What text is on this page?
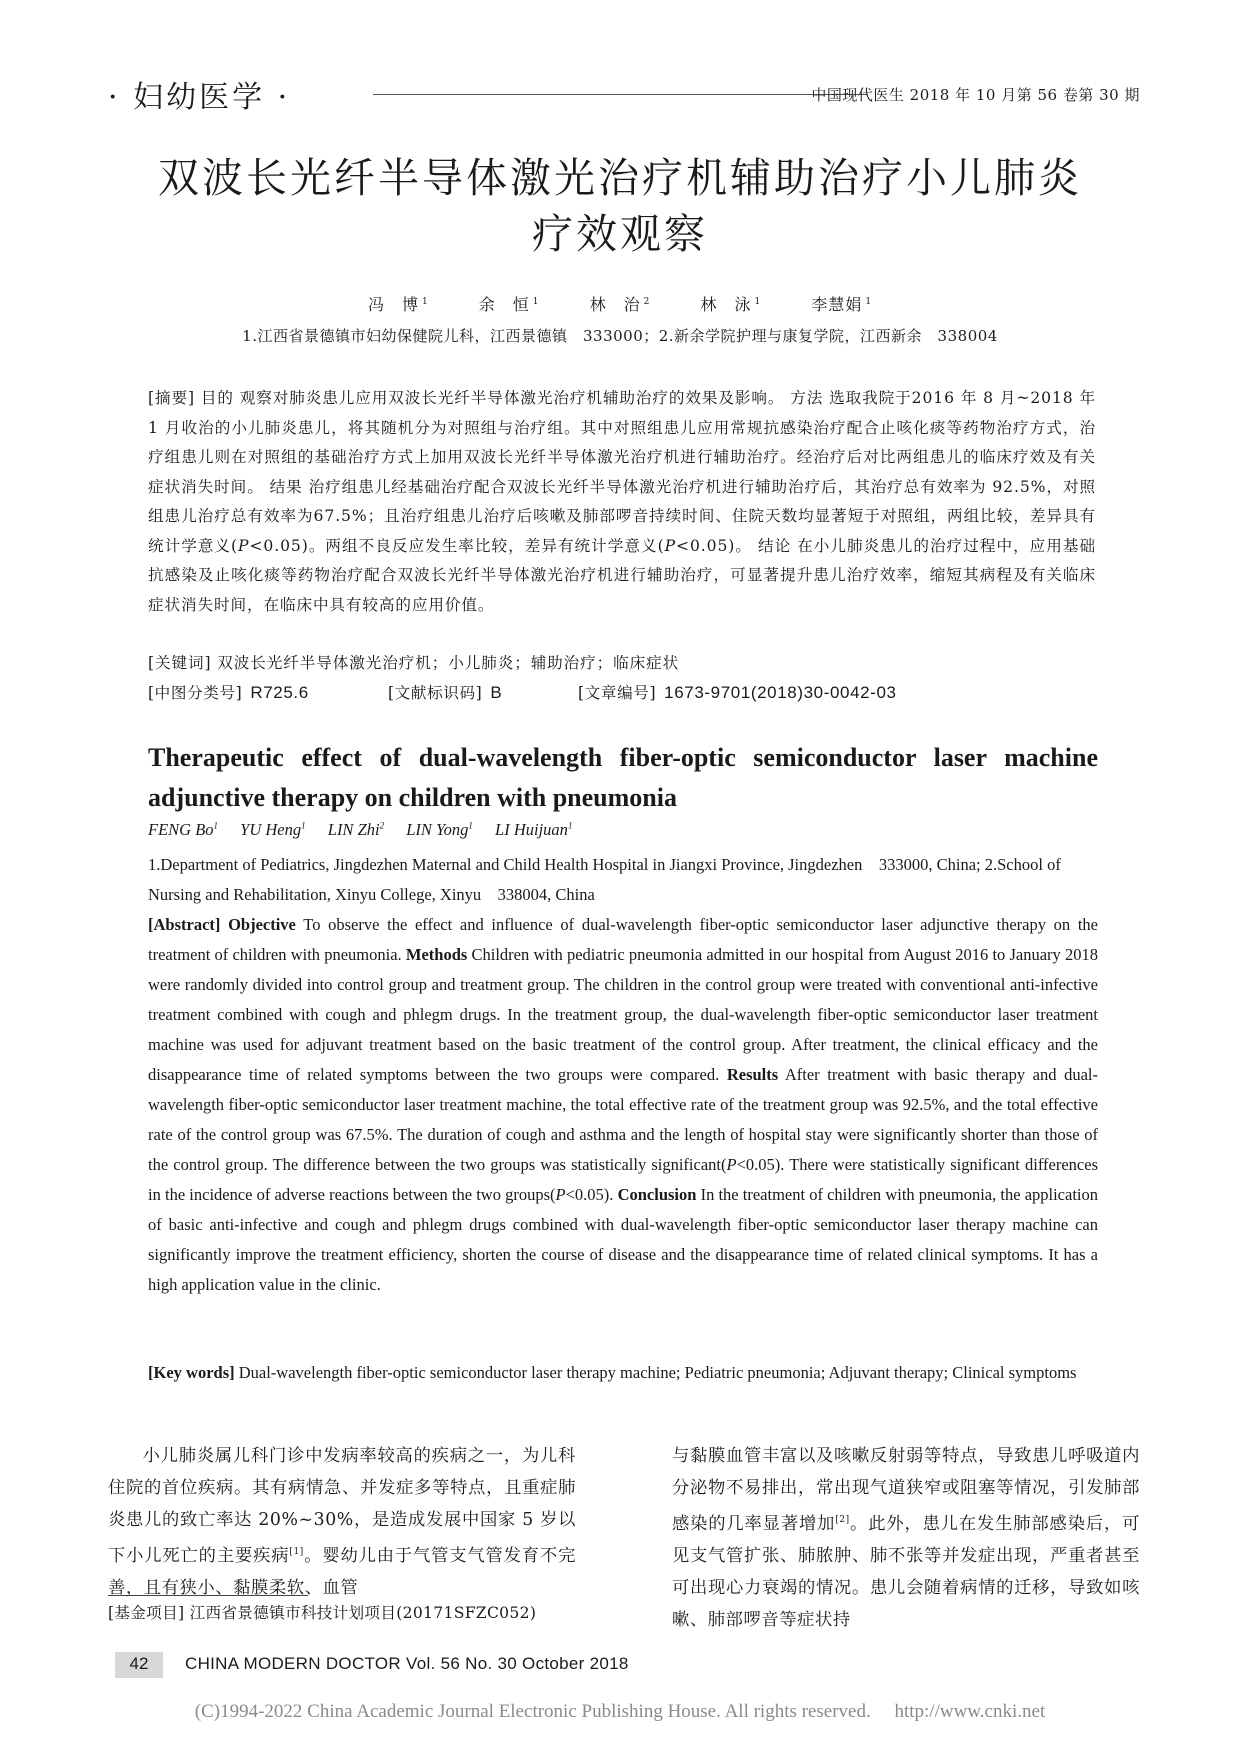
· 妇幼医学 ·	中国现代医生 2018 年 10 月第 56 卷第 30 期
双波长光纤半导体激光治疗机辅助治疗小儿肺炎
疗效观察
冯　博 $^1$	余　恒 $^1$	林　治 $^2$	林　泳 $^1$	李慧娟 $^1$
1.江西省景德镇市妇幼保健院儿科，江西景德镇　333000；2.新余学院护理与康复学院，江西新余　338004
[摘要] 目的 观察对肺炎患儿应用双波长光纤半导体激光治疗机辅助治疗的效果及影响。 方法 选取我院于2016 年 8 月~2018 年 1 月收治的小儿肺炎患儿，将其随机分为对照组与治疗组。其中对照组患儿应用常规抗感染治疗配合止咳化痰等药物治疗方式，治疗组患儿则在对照组的基础治疗方式上加用双波长光纤半导体激光治疗机进行辅助治疗。经治疗后对比两组患儿的临床疗效及有关症状消失时间。 结果 治疗组患儿经基础治疗配合双波长光纤半导体激光治疗机进行辅助治疗后，其治疗总有效率为 92.5%，对照组患儿治疗总有效率为67.5%；且治疗组患儿治疗后咳嗽及肺部啰音持续时间、住院天数均显著短于对照组，两组比较，差异具有统计学意义(P<0.05)。两组不良反应发生率比较，差异有统计学意义(P<0.05)。 结论 在小儿肺炎患儿的治疗过程中，应用基础抗感染及止咳化痰等药物治疗配合双波长光纤半导体激光治疗机进行辅助治疗，可显著提升患儿治疗效率，缩短其病程及有关临床症状消失时间，在临床中具有较高的应用价值。
[关键词] 双波长光纤半导体激光治疗机；小儿肺炎；辅助治疗；临床症状
[中图分类号] R725.6	[文献标识码] B	[文章编号] 1673-9701(2018)30-0042-03
Therapeutic effect of dual-wavelength fiber-optic semiconductor laser machine adjunctive therapy on children with pneumonia
FENG Bo$^1$ YU Heng$^1$ LIN Zhi$^2$ LIN Yong$^1$ LI Huijuan$^1$
1.Department of Pediatrics, Jingdezhen Maternal and Child Health Hospital in Jiangxi Province, Jingdezhen　333000, China; 2.School of Nursing and Rehabilitation, Xinyu College, Xinyu　338004, China
[Abstract] Objective To observe the effect and influence of dual-wavelength fiber-optic semiconductor laser adjunctive therapy on the treatment of children with pneumonia. Methods Children with pediatric pneumonia admitted in our hospital from August 2016 to January 2018 were randomly divided into control group and treatment group. The children in the control group were treated with conventional anti-infective treatment combined with cough and phlegm drugs. In the treatment group, the dual-wavelength fiber-optic semiconductor laser treatment machine was used for adjuvant treatment based on the basic treatment of the control group. After treatment, the clinical efficacy and the disappearance time of related symptoms between the two groups were compared. Results After treatment with basic therapy and dual-wavelength fiber-optic semiconductor laser treatment machine, the total effective rate of the treatment group was 92.5%, and the total effective rate of the control group was 67.5%. The duration of cough and asthma and the length of hospital stay were significantly shorter than those of the control group. The difference between the two groups was statistically significant(P<0.05). There were statistically significant differences in the incidence of adverse reactions between the two groups(P<0.05). Conclusion In the treatment of children with pneumonia, the application of basic anti-infective and cough and phlegm drugs combined with dual-wavelength fiber-optic semiconductor laser therapy machine can significantly improve the treatment efficiency, shorten the course of disease and the disappearance time of related clinical symptoms. It has a high application value in the clinic.
[Key words] Dual-wavelength fiber-optic semiconductor laser therapy machine; Pediatric pneumonia; Adjuvant therapy; Clinical symptoms

小儿肺炎属儿科门诊中发病率较高的疾病之一，为儿科住院的首位疾病。其有病情急、并发症多等特点，且重症肺炎患儿的致亡率达 20%~30%，是造成发展中国家 5 岁以下小儿死亡的主要疾病[1]。婴幼儿由于气管支气管发育不完善，且有狭小、黏膜柔软、血管

与黏膜血管丰富以及咳嗽反射弱等特点，导致患儿呼吸道内分泌物不易排出，常出现气道狭窄或阻塞等情况，引发肺部感染的几率显著增加[2]。此外，患儿在发生肺部感染后，可见支气管扩张、肺脓肿、肺不张等并发症出现，严重者甚至可出现心力衰竭的情况。患儿会随着病情的迁移，导致如咳嗽、肺部啰音等症状持

[基金项目] 江西省景德镇市科技计划项目(20171SFZC052)
42	CHINA MODERN DOCTOR Vol. 56 No. 30 October 2018
(C)1994-2022 China Academic Journal Electronic Publishing House. All rights reserved.　 http://www.cnki.net
